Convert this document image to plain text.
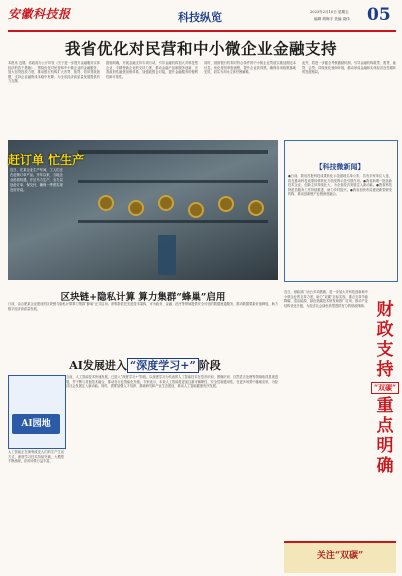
安徽科技报	科技纵览	2023年2月10日 星期五
编辑 胡海宇 美编 周伟 05
我省优化对民营和中小微企业金融支持
本报讯 近期，省政府办公厅印发《关于进一步提升金融服务实体经济的若干措施》，围绕优化对民营和中小微企业的金融服务，加大信贷投放力度，推动银行机构扩大首贷、续贷、信用贷款规模，支持企业融资成本稳中有降，为全省经济高质量发展提供有力支撑。
措施明确，开展金融支持专项行动，引导金融机构加大对科技型企业、专精特新企业的支持力度，推动金融产品和服务创新，完善政府性融资担保体系，加强政银企对接，提升金融服务的便利性和可得性。
同时，鼓励银行机构对符合条件的中小微企业贷款实施延期还本付息，优化授信审批流程，提升企业获得感，确保各项政策落地见效，切实为市场主体纾困解难。
此外，将进一步健全考核激励机制，引导金融机构敢贷、愿贷、能贷、会贷，持续优化营商环境，推动形成金融和实体经济良性循环的发展格局。
赶订单 忙生产
近日，在某企业生产车间，工人们正在赶制订单产品。开年以来，当地企业抢抓机遇，开足马力生产，全力以赴赶订单、保交付，确保一季度实现良好开局。
【科技微新闻】
●日前，我省首批科技成果转化示范基地名单公布，共有多家单位入选，将在推动科技成果转移转化方面发挥示范引领作用。●我省新增一批高新技术企业，创新主体持续壮大，为全省经济发展注入新动能。●我省科技特派员服务工作持续推进，助力乡村振兴。●我省加快布局建设新型研发机构，推动创新链产业链深度融合。
区块链+隐私计算 算力集群“蜂巢”启用
日前，由合肥某企业建设的区块链与隐私计算算力集群“蜂巢”正式启用。该集群依托先进技术架构，可为政务、金融、医疗等领域提供安全可信的数据流通服务，推动数据要素价值释放，助力数字经济高质量发展。
AI发展进入 “深度学习+” 阶段
AI园地
当前，人工智能技术快速发展，已进入“深度学习+”阶段。以深度学习为代表的人工智能技术在语音识别、图像识别、自然语言处理等领域取得显著进展，并不断与其他技术融合，推动各行业智能化升级。专家表示，未来人工智能将更加注重可解释性、安全性和通用性，在更多场景中落地应用，为经济社会发展注入新动能。同时，需要加强人才培养、基础研究和产业生态建设，推动人工智能健康有序发展。
人工智能正在深刻改变人们的生产生活方式，深度学习技术持续突破，大模型不断涌现，应用场景日益丰富。
近日，财政部门出台多项措施，进一步加大对科技创新和中小微企业的支持力度，助力“双碳”目标实现，重点支持节能降碳、清洁能源、绿色低碳技术研发和推广应用，推动产业结构优化升级，为经济社会绿色转型提供有力的财政保障。 财
政
支
持
“双碳”
重
点
明
确
关注“双碳”
